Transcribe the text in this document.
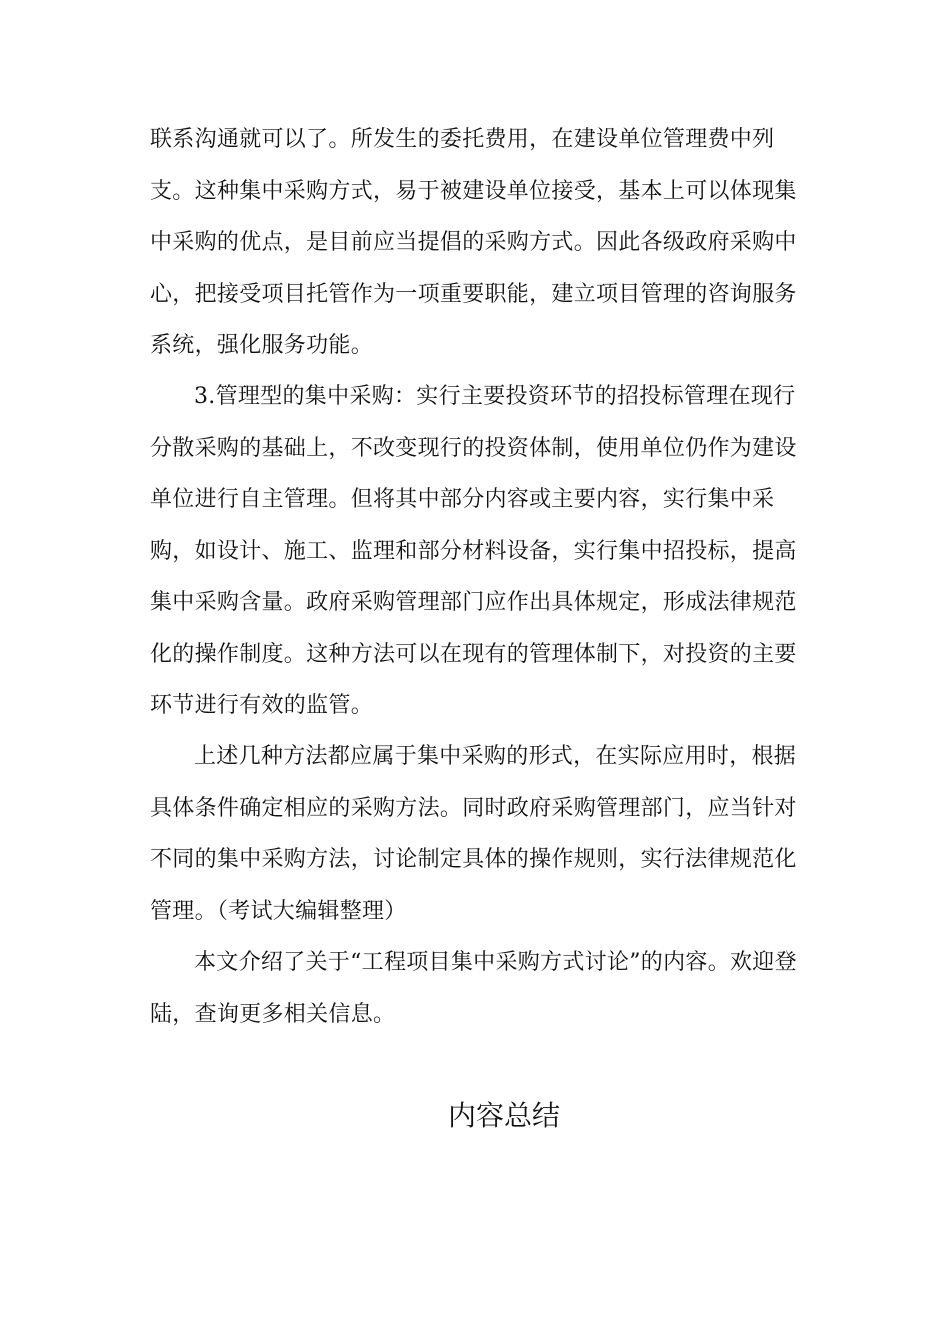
联系沟通就可以了。所发生的委托费用，在建设单位管理费中列
支。这种集中采购方式，易于被建设单位接受，基本上可以体现集
中采购的优点，是目前应当提倡的采购方式。因此各级政府采购中
心，把接受项目托管作为一项重要职能，建立项目管理的咨询服务
系统，强化服务功能。
3.管理型的集中采购：实行主要投资环节的招投标管理在现行
分散采购的基础上，不改变现行的投资体制，使用单位仍作为建设
单位进行自主管理。但将其中部分内容或主要内容，实行集中采
购，如设计、施工、监理和部分材料设备，实行集中招投标，提高
集中采购含量。政府采购管理部门应作出具体规定，形成法律规范
化的操作制度。这种方法可以在现有的管理体制下，对投资的主要
环节进行有效的监管。
上述几种方法都应属于集中采购的形式，在实际应用时，根据
具体条件确定相应的采购方法。同时政府采购管理部门，应当针对
不同的集中采购方法，讨论制定具体的操作规则，实行法律规范化
管理。（考试大编辑整理）
本文介绍了关于“工程项目集中采购方式讨论”的内容。欢迎登
陆，查询更多相关信息。
内容总结
